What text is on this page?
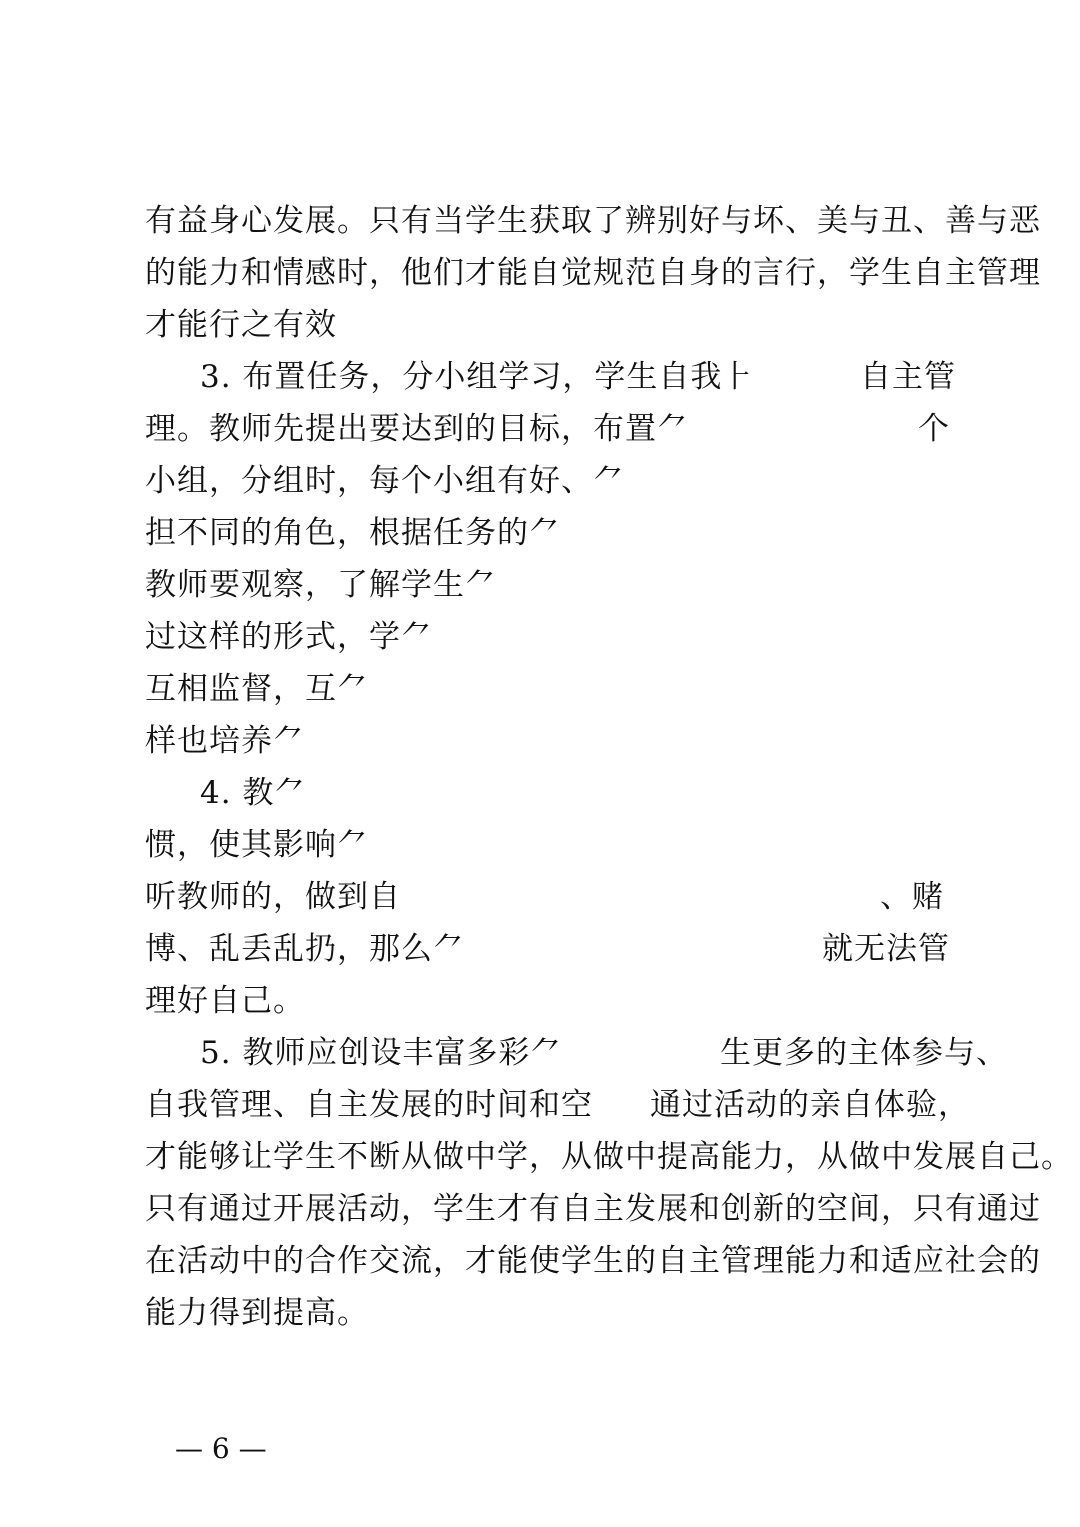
有益身心发展。只有当学生获取了辨别好与坏、美与丑、善与恶
的能力和情感时，他们才能自觉规范自身的言行，学生自主管理
才能行之有效
3. 布置任务，分小组学习，学生自我⺊	自主管
理。教师先提出要达到的目标，布置⺈	个
小组，分组时，每个小组有好、⺈
担不同的角色，根据任务的⺈
教师要观察，了解学生⺈
过这样的形式，学⺈
互相监督，互⺈
样也培养⺈
4. 教⺈
惯，使其影响⺈
听教师的，做到自	、赌
博、乱丢乱扔，那么⺈	就无法管
理好自己。
5. 教师应创设丰富多彩⺈	生更多的主体参与、
自我管理、自主发展的时间和空 通过活动的亲自体验，
才能够让学生不断从做中学，从做中提高能力，从做中发展自己。
只有通过开展活动，学生才有自主发展和创新的空间，只有通过
在活动中的合作交流，才能使学生的自主管理能力和适应社会的
能力得到提高。
— 6 —
